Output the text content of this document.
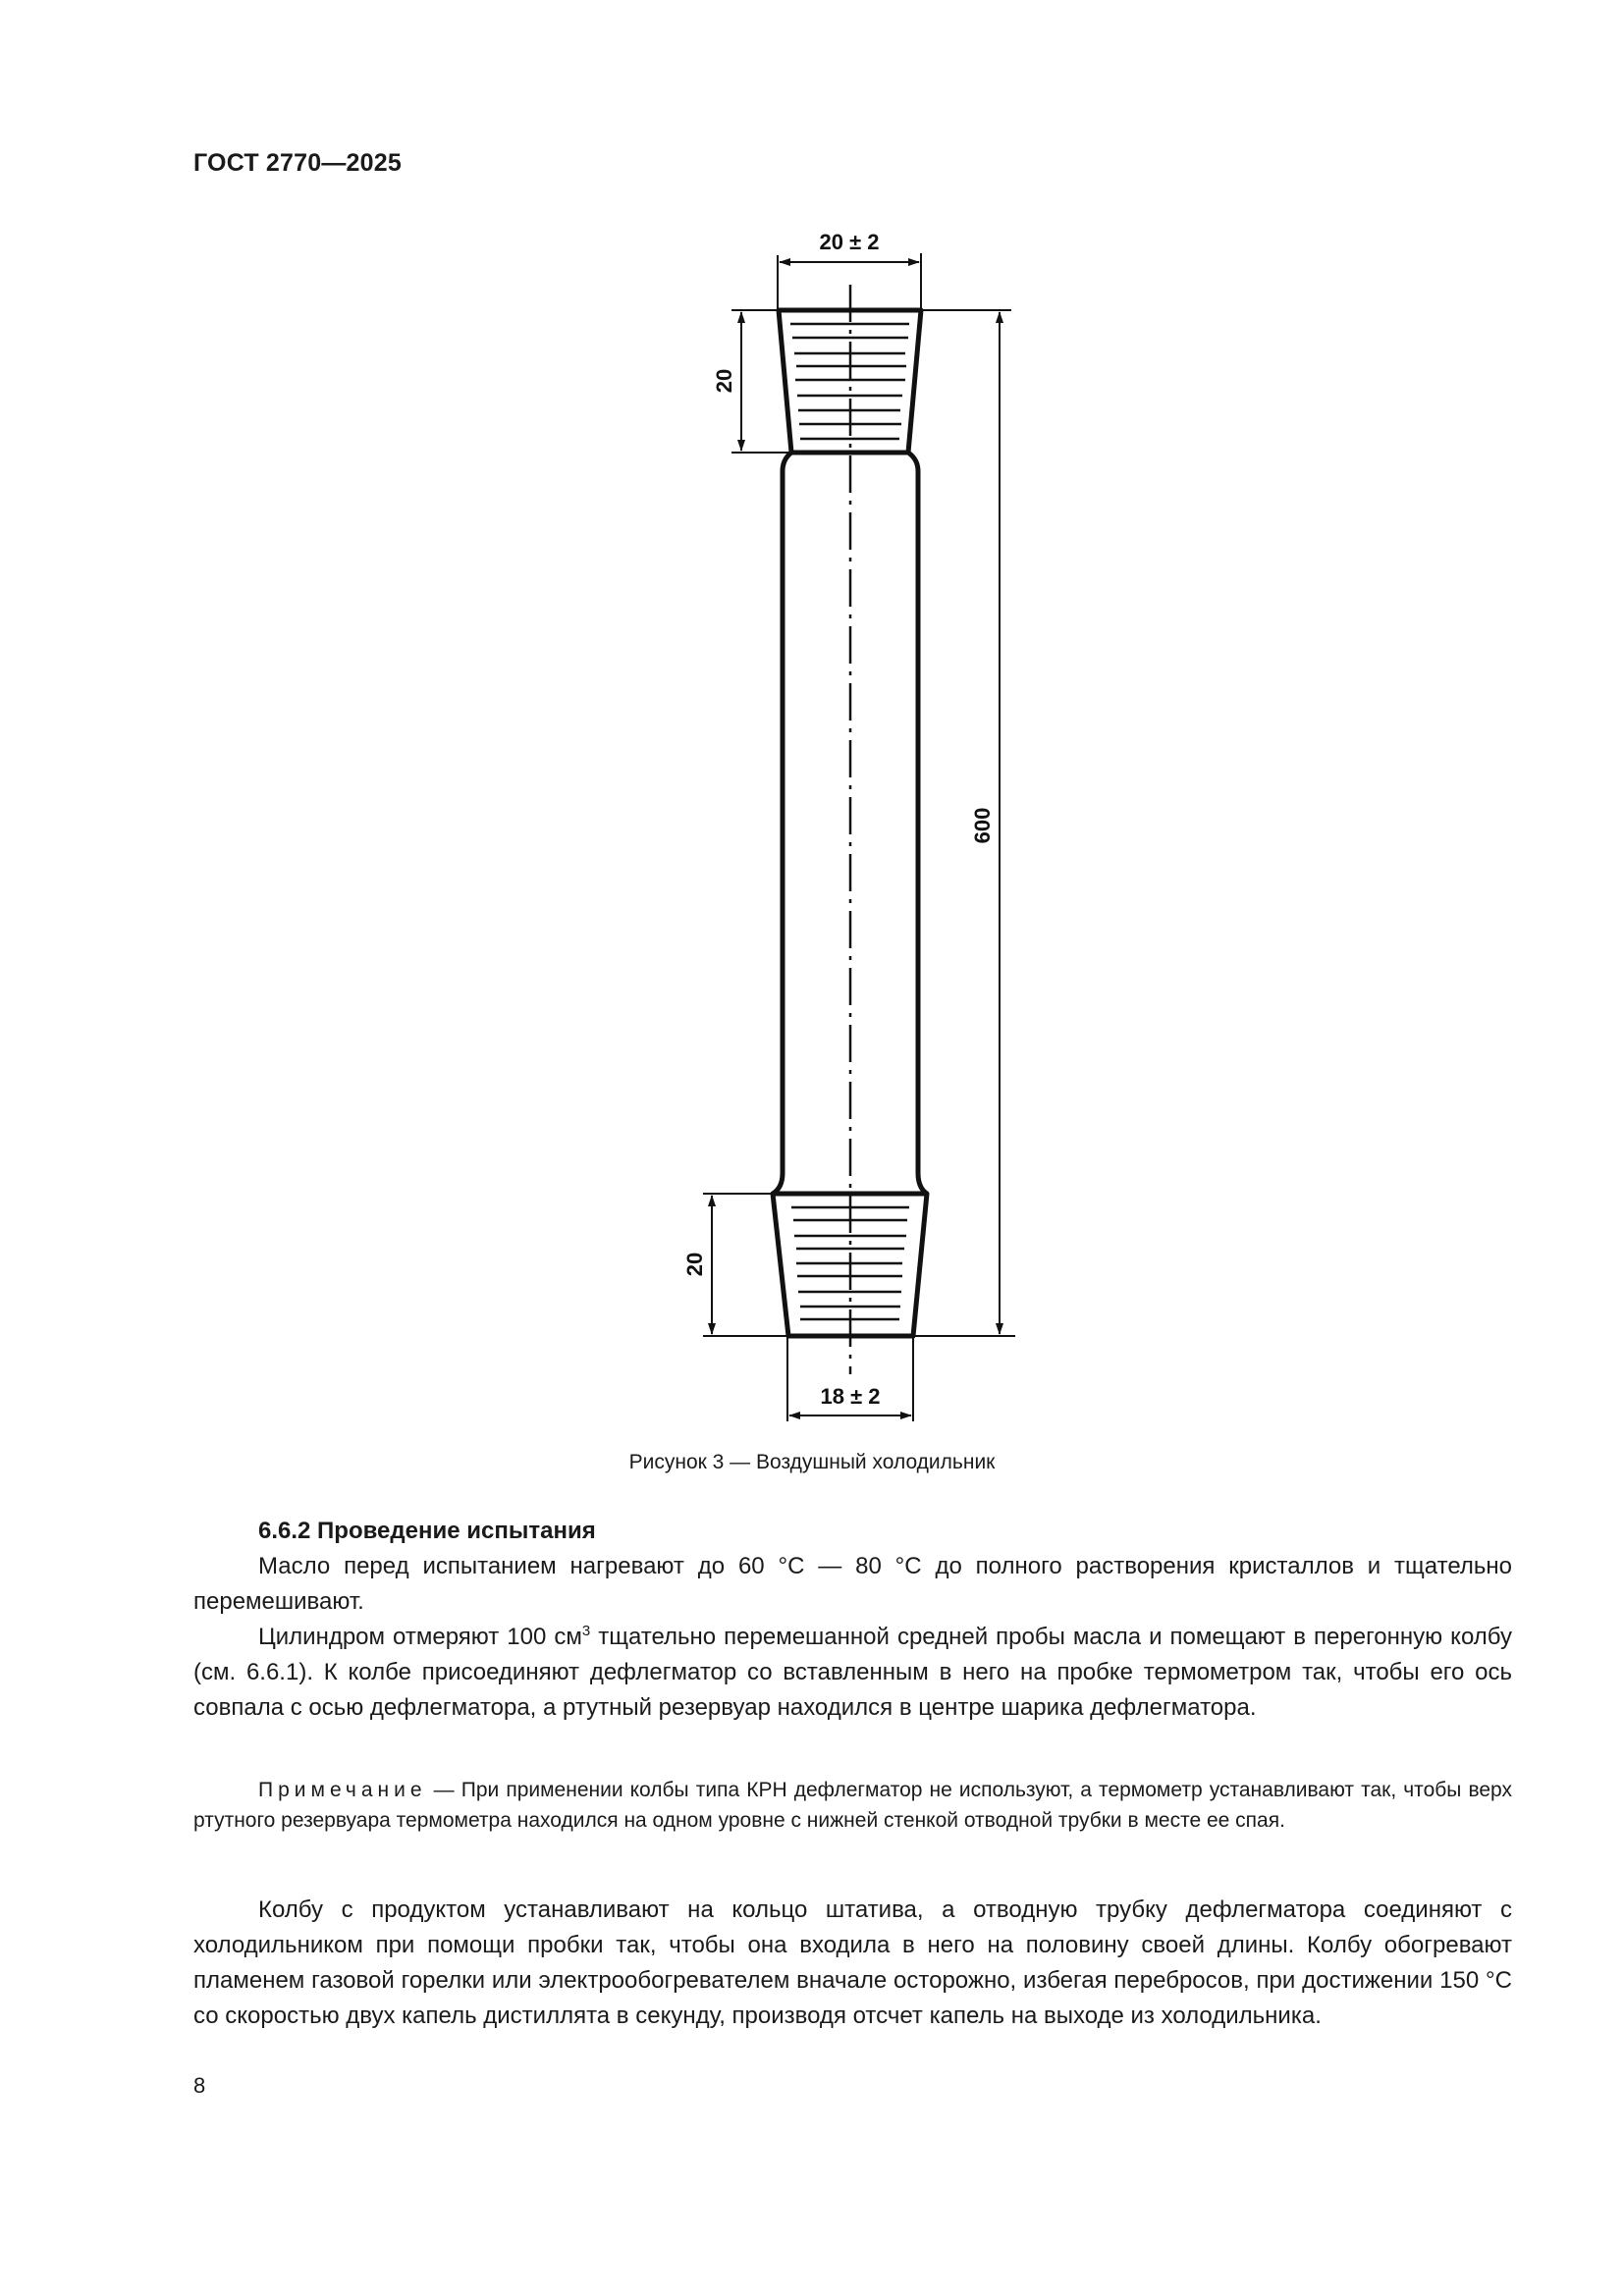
ГОСТ 2770—2025
20 ± 2
18 ± 2
20
20
600
Рисунок 3 — Воздушный холодильник
6.6.2 Проведение испытания

Масло перед испытанием нагревают до 60 °С — 80 °С до полного растворения кристаллов и тщательно перемешивают.

Цилиндром отмеряют 100 $см^3$ тщательно перемешанной средней пробы масла и помещают в перегонную колбу (см. 6.6.1). К колбе присоединяют дефлегматор со вставленным в него на пробке термометром так, чтобы его ось совпала с осью дефлегматора, а ртутный резервуар находился в центре шарика дефлегматора.

Примечание — При применении колбы типа КРН дефлегматор не используют, а термометр устанавливают так, чтобы верх ртутного резервуара термометра находился на одном уровне с нижней стенкой отводной трубки в месте ее спая.

Колбу с продуктом устанавливают на кольцо штатива, а отводную трубку дефлегматора соединяют с холодильником при помощи пробки так, чтобы она входила в него на половину своей длины. Колбу обогревают пламенем газовой горелки или электрообогревателем вначале осторожно, избегая перебросов, при достижении 150 °С со скоростью двух капель дистиллята в секунду, производя отсчет капель на выходе из холодильника.

8
